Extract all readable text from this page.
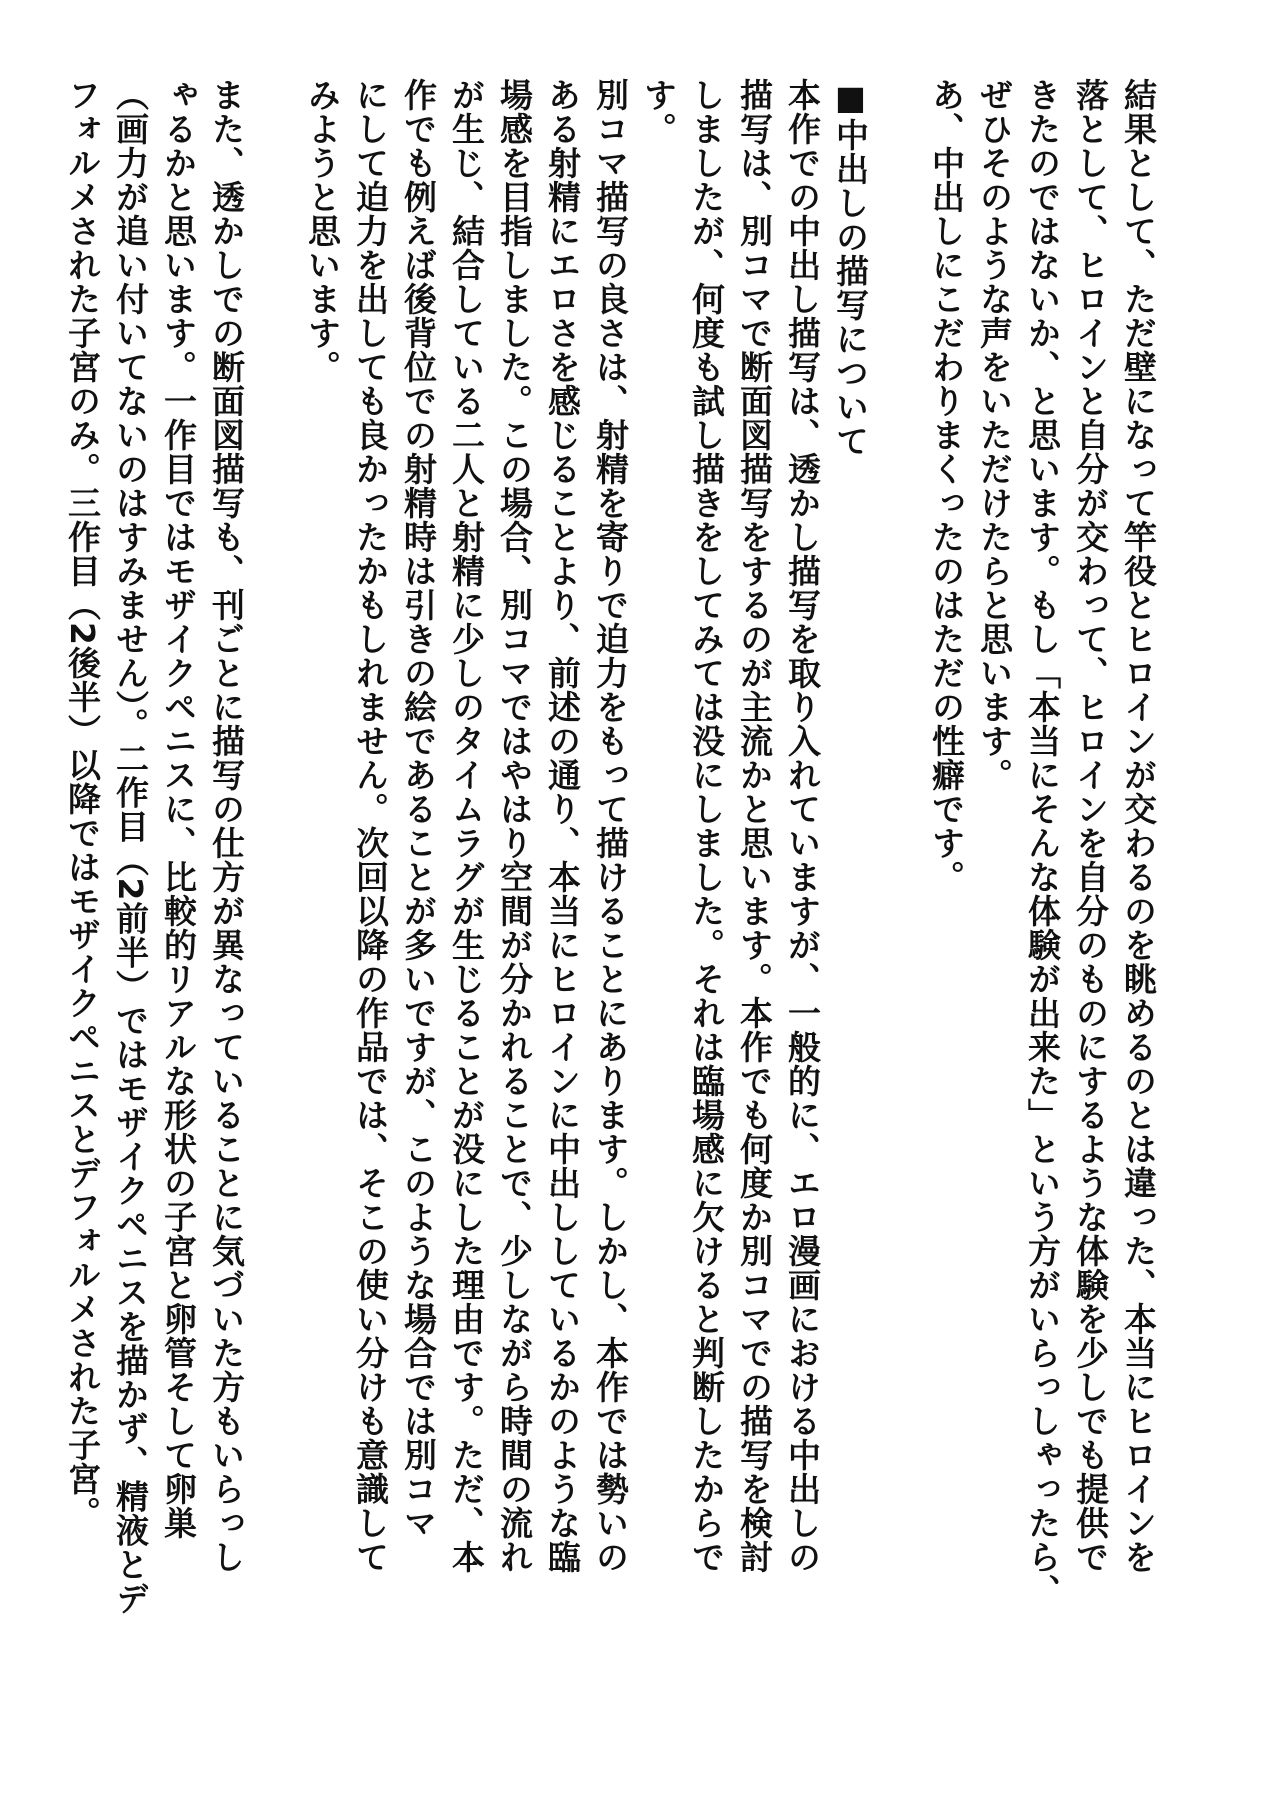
結果として、ただ壁になって竿役とヒロインが交わるのを眺めるのとは違った、本当にヒロインを
落として、ヒロインと自分が交わって、ヒロインを自分のものにするような体験を少しでも提供で
きたのではないか、と思います。もし「本当にそんな体験が出来た」という方がいらっしゃったら、
ぜひそのような声をいただけたらと思います。
あ、中出しにこだわりまくったのはただの性癖です。
■中出しの描写について
本作での中出し描写は、透かし描写を取り入れていますが、一般的に、エロ漫画における中出しの
描写は、別コマで断面図描写をするのが主流かと思います。本作でも何度か別コマでの描写を検討
しましたが、何度も試し描きをしてみては没にしました。それは臨場感に欠けると判断したからで
す。
別コマ描写の良さは、射精を寄りで迫力をもって描けることにあります。しかし、本作では勢いの
ある射精にエロさを感じることより、前述の通り、本当にヒロインに中出ししているかのような臨
場感を目指しました。この場合、別コマではやはり空間が分かれることで、少しながら時間の流れ
が生じ、結合している二人と射精に少しのタイムラグが生じることが没にした理由です。ただ、本
作でも例えば後背位での射精時は引きの絵であることが多いですが、このような場合では別コマ
にして迫力を出しても良かったかもしれません。次回以降の作品では、そこの使い分けも意識して
みようと思います。
また、透かしでの断面図描写も、刊ごとに描写の仕方が異なっていることに気づいた方もいらっし
ゃるかと思います。一作目ではモザイクペニスに、比較的リアルな形状の子宮と卵管そして卵巣
（画力が追い付いてないのはすみません）。二作目（2前半）ではモザイクペニスを描かず、精液とデ
フォルメされた子宮のみ。三作目（2後半）以降ではモザイクペニスとデフォルメされた子宮。
